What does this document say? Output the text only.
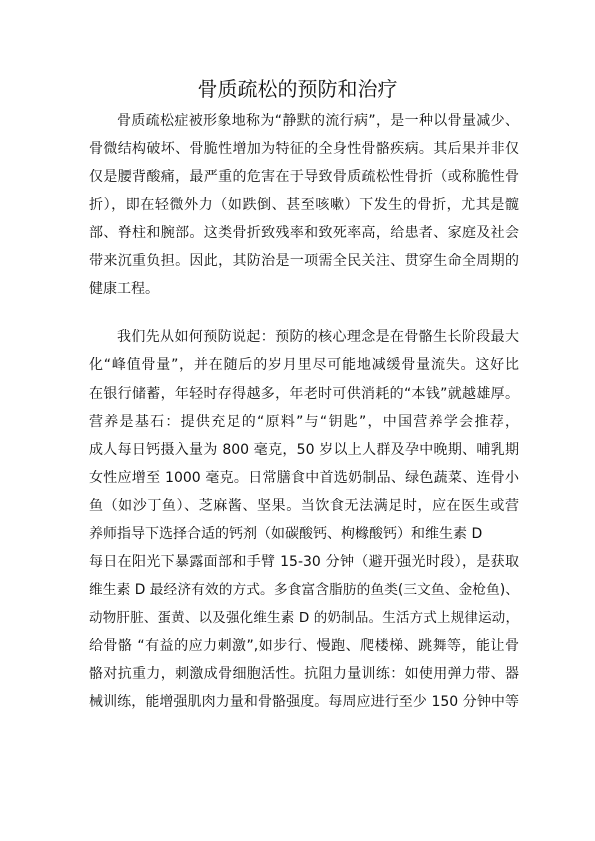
骨质疏松的预防和治疗
骨质疏松症被形象地称为“静默的流行病”，是一种以骨量减少、
骨微结构破坏、骨脆性增加为特征的全身性骨骼疾病。其后果并非仅
仅是腰背酸痛，最严重的危害在于导致骨质疏松性骨折（或称脆性骨
折），即在轻微外力（如跌倒、甚至咳嗽）下发生的骨折，尤其是髋
部、脊柱和腕部。这类骨折致残率和致死率高，给患者、家庭及社会
带来沉重负担。因此，其防治是一项需全民关注、贯穿生命全周期的
健康工程。
我们先从如何预防说起：预防的核心理念是在骨骼生长阶段最大
化“峰值骨量”，并在随后的岁月里尽可能地减缓骨量流失。这好比
在银行储蓄，年轻时存得越多，年老时可供消耗的“本钱”就越雄厚。
营养是基石：提供充足的“原料”与“钥匙”，中国营养学会推荐，
成人每日钙摄入量为 800 毫克，50 岁以上人群及孕中晚期、哺乳期
女性应增至 1000 毫克。日常膳食中首选奶制品、绿色蔬菜、连骨小
鱼（如沙丁鱼）、芝麻酱、坚果。当饮食无法满足时，应在医生或营
养师指导下选择合适的钙剂（如碳酸钙、枸橼酸钙）和维生素 D
每日在阳光下暴露面部和手臂 15-30 分钟（避开强光时段），是获取
维生素 D 最经济有效的方式。多食富含脂肪的鱼类(三文鱼、金枪鱼)、
动物肝脏、蛋黄、以及强化维生素 D 的奶制品。生活方式上规律运动，
给骨骼 “有益的应力刺激”,如步行、慢跑、爬楼梯、跳舞等，能让骨
骼对抗重力，刺激成骨细胞活性。抗阻力量训练：如使用弹力带、器
械训练，能增强肌肉力量和骨骼强度。每周应进行至少 150 分钟中等
